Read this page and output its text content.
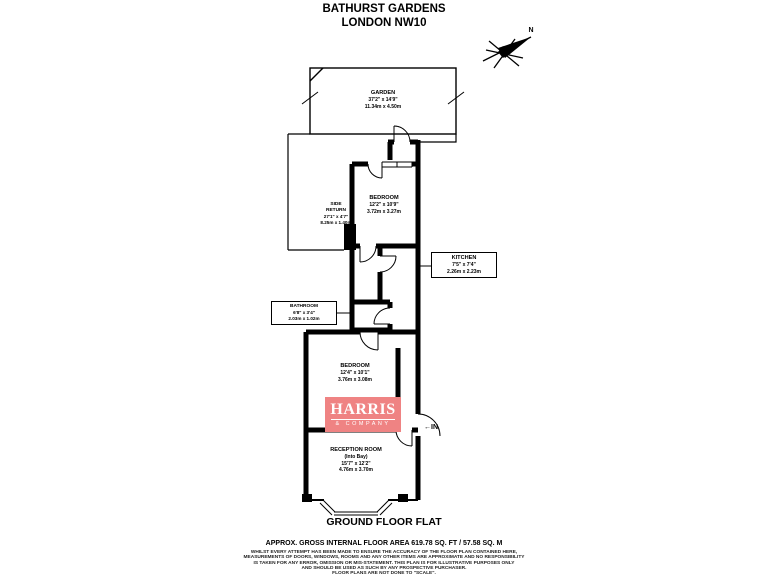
BATHURST GARDENS
LONDON NW10
N
GARDEN
37'2" x 14'9"
11.34m x 4.50m
SIDE
RETURN
27'1" x 4'7"
8.25m x 1.40m
BEDROOM
12'2" x 10'9"
3.72m x 3.27m
KITCHEN
7'5" x 7'4"
2.26m x 2.23m
BATHROOM
6'8" x 3'4"
2.03m x 1.02m
BEDROOM
12'4" x 10'1"
3.76m x 3.08m
RECEPTION ROOM
(Into Bay)
15'7" x 12'2"
4.76m x 3.70m
HARRIS
& COMPANY	←IN
GROUND FLOOR FLAT
APPROX. GROSS INTERNAL FLOOR AREA 619.78 SQ. FT / 57.58 SQ. M
WHILST EVERY ATTEMPT HAS BEEN MADE TO ENSURE THE ACCURACY OF THE FLOOR PLAN CONTAINED HERE,
MEASUREMENTS OF DOORS, WINDOWS, ROOMS AND ANY OTHER ITEMS ARE APPROXIMATE AND NO RESPONSIBILITY
IS TAKEN FOR ANY ERROR, OMISSION OR MIS-STATEMENT. THIS PLAN IS FOR ILLUSTRATIVE PURPOSES ONLY
AND SHOULD BE USED AS SUCH BY ANY PROSPECTIVE PURCHASER.
FLOOR PLANS ARE NOT DONE TO "SCALE".
